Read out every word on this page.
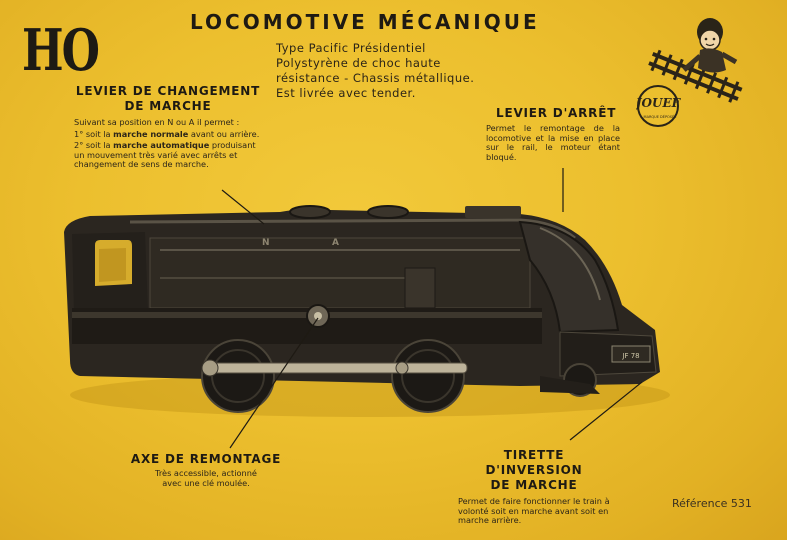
JF 78
N	A
HO	LOCOMOTIVE MÉCANIQUE
Type Pacific Présidentiel
Polystyrène de choc haute
résistance - Chassis métallique.
Est livrée avec tender.
LEVIER DE CHANGEMENT
DE MARCHE
Suivant sa position en N ou A il permet :
1° soit la marche normale avant ou arrière.
2° soit la marche automatique produisant un mouvement très varié avec arrêts et changement de sens de marche.
LEVIER D'ARRÊT
Permet le remontage de la locomotive et la mise en place sur le rail, le moteur étant bloqué.
AXE DE REMONTAGE
Très accessible, actionné
avec une clé moulée.
TIRETTE D'INVERSION
DE MARCHE
Permet de faire fonctionner le train à volonté soit en marche avant soit en marche arrière.
JOUEF
MARQUE DÉPOSÉE
Référence 531
